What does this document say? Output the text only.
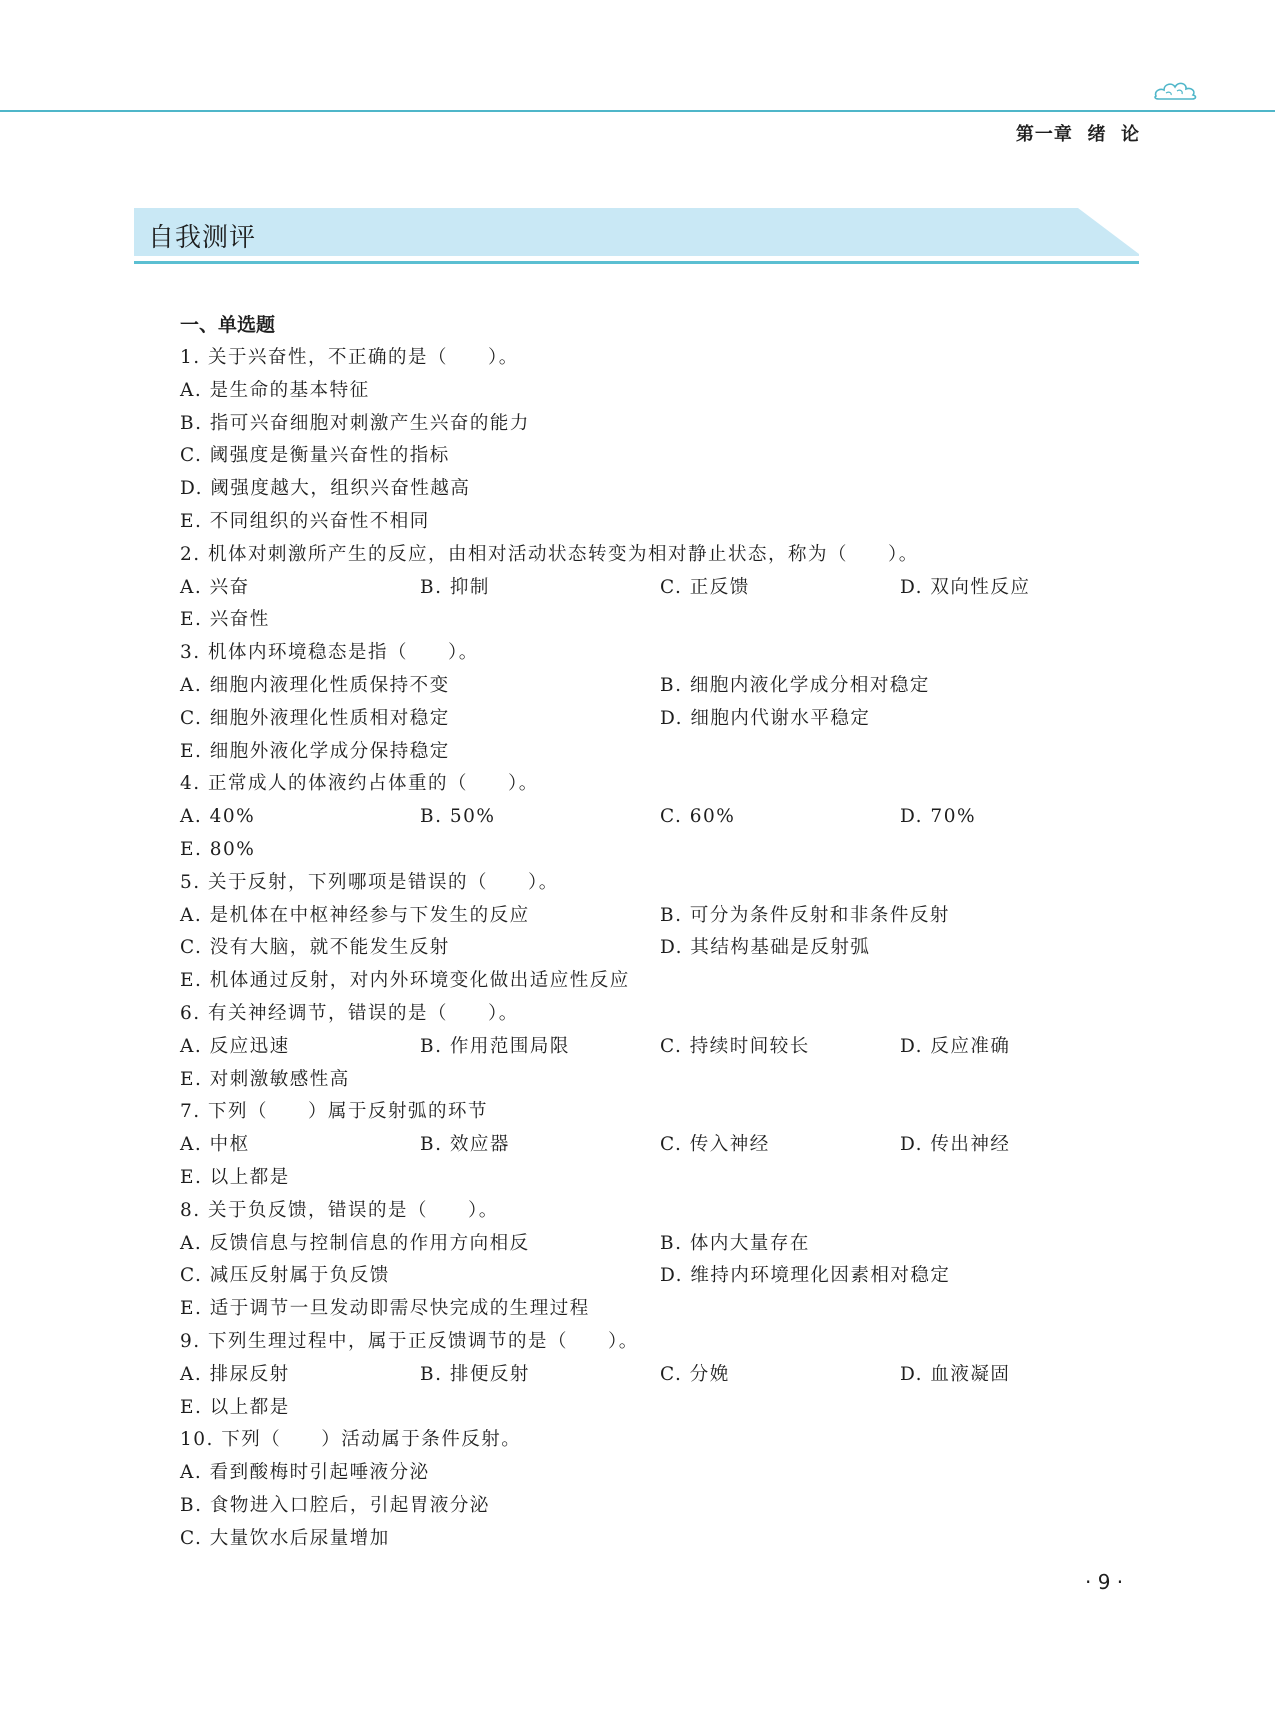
第一章  绪  论
自我测评
一、单选题
1. 关于兴奋性，不正确的是（　　）。
A. 是生命的基本特征
B. 指可兴奋细胞对刺激产生兴奋的能力
C. 阈强度是衡量兴奋性的指标
D. 阈强度越大，组织兴奋性越高
E. 不同组织的兴奋性不相同
2. 机体对刺激所产生的反应，由相对活动状态转变为相对静止状态，称为（　　）。
A. 兴奋	B. 抑制	C. 正反馈	D. 双向性反应
E. 兴奋性
3. 机体内环境稳态是指（　　）。
A. 细胞内液理化性质保持不变	B. 细胞内液化学成分相对稳定
C. 细胞外液理化性质相对稳定	D. 细胞内代谢水平稳定
E. 细胞外液化学成分保持稳定
4. 正常成人的体液约占体重的（　　）。
A. 40%	B. 50%	C. 60%	D. 70%
E. 80%
5. 关于反射，下列哪项是错误的（　　）。
A. 是机体在中枢神经参与下发生的反应	B. 可分为条件反射和非条件反射
C. 没有大脑，就不能发生反射	D. 其结构基础是反射弧
E. 机体通过反射，对内外环境变化做出适应性反应
6. 有关神经调节，错误的是（　　）。
A. 反应迅速	B. 作用范围局限	C. 持续时间较长	D. 反应准确
E. 对刺激敏感性高
7. 下列（　　）属于反射弧的环节
A. 中枢	B. 效应器	C. 传入神经	D. 传出神经
E. 以上都是
8. 关于负反馈，错误的是（　　）。
A. 反馈信息与控制信息的作用方向相反	B. 体内大量存在
C. 减压反射属于负反馈	D. 维持内环境理化因素相对稳定
E. 适于调节一旦发动即需尽快完成的生理过程
9. 下列生理过程中，属于正反馈调节的是（　　）。
A. 排尿反射	B. 排便反射	C. 分娩	D. 血液凝固
E. 以上都是
10. 下列（　　）活动属于条件反射。
A. 看到酸梅时引起唾液分泌
B. 食物进入口腔后，引起胃液分泌
C. 大量饮水后尿量增加
· 9 ·
